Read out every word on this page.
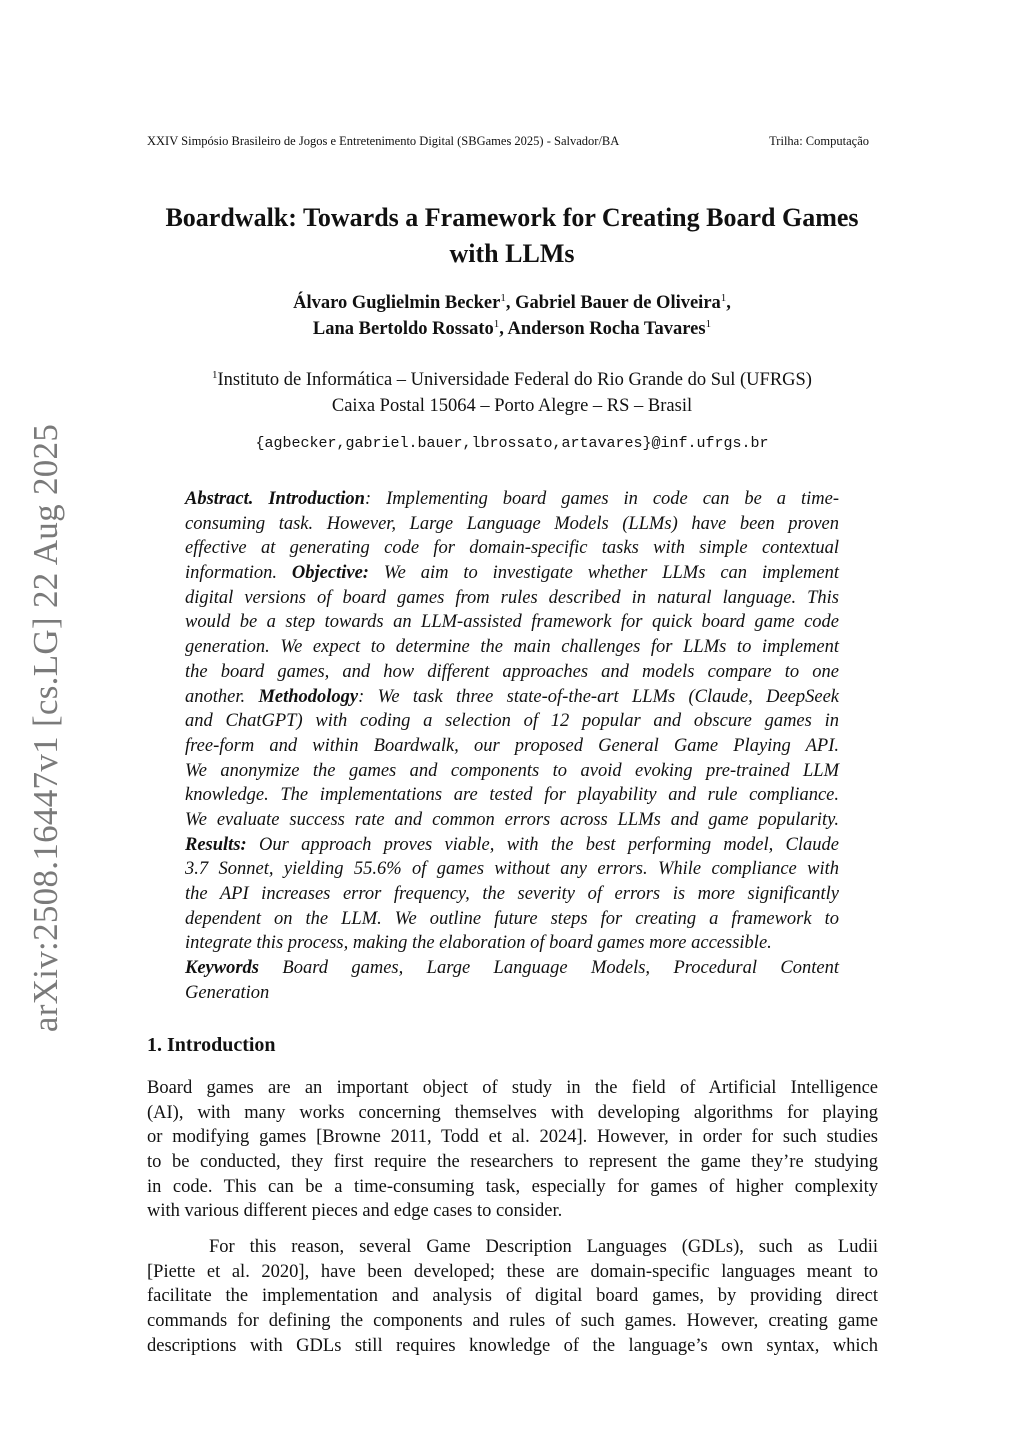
arXiv:2508.16447v1 [cs.LG] 22 Aug 2025
XXIV Simpósio Brasileiro de Jogos e Entretenimento Digital (SBGames 2025) - Salvador/BA	Trilha: Computação
Boardwalk: Towards a Framework for Creating Board Games
with LLMs
Álvaro Guglielmin Becker$^1$, Gabriel Bauer de Oliveira$^1$,
Lana Bertoldo Rossato$^1$, Anderson Rocha Tavares$^1$
$^1$Instituto de Informática – Universidade Federal do Rio Grande do Sul (UFRGS)
Caixa Postal 15064 – Porto Alegre – RS – Brasil
{agbecker,gabriel.bauer,lbrossato,artavares}@inf.ufrgs.br
Abstract. Introduction: Implementing board games in code can be a time-
consuming task. However, Large Language Models (LLMs) have been proven
effective at generating code for domain-specific tasks with simple contextual
information. Objective: We aim to investigate whether LLMs can implement
digital versions of board games from rules described in natural language. This
would be a step towards an LLM-assisted framework for quick board game code
generation. We expect to determine the main challenges for LLMs to implement
the board games, and how different approaches and models compare to one
another. Methodology: We task three state-of-the-art LLMs (Claude, DeepSeek
and ChatGPT) with coding a selection of 12 popular and obscure games in
free-form and within Boardwalk, our proposed General Game Playing API.
We anonymize the games and components to avoid evoking pre-trained LLM
knowledge. The implementations are tested for playability and rule compliance.
We evaluate success rate and common errors across LLMs and game popularity.
Results: Our approach proves viable, with the best performing model, Claude
3.7 Sonnet, yielding 55.6% of games without any errors. While compliance with
the API increases error frequency, the severity of errors is more significantly
dependent on the LLM. We outline future steps for creating a framework to
integrate this process, making the elaboration of board games more accessible.
Keywords Board games, Large Language Models, Procedural Content
Generation
1. Introduction
Board games are an important object of study in the field of Artificial Intelligence
(AI), with many works concerning themselves with developing algorithms for playing
or modifying games [Browne 2011, Todd et al. 2024]. However, in order for such studies
to be conducted, they first require the researchers to represent the game they’re studying
in code. This can be a time-consuming task, especially for games of higher complexity
with various different pieces and edge cases to consider.
For this reason, several Game Description Languages (GDLs), such as Ludii
[Piette et al. 2020], have been developed; these are domain-specific languages meant to
facilitate the implementation and analysis of digital board games, by providing direct
commands for defining the components and rules of such games. However, creating game
descriptions with GDLs still requires knowledge of the language’s own syntax, which
